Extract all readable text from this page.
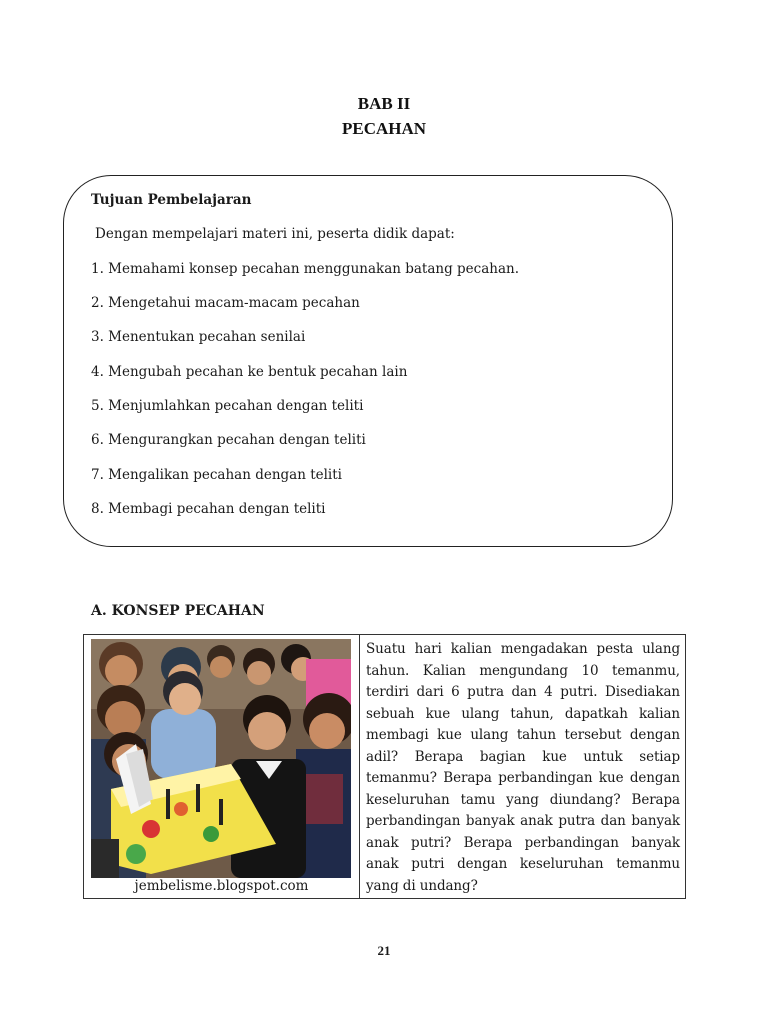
BAB II
PECAHAN
Tujuan Pembelajaran
Dengan mempelajari materi ini, peserta didik dapat:
1. Memahami konsep pecahan menggunakan batang pecahan.
2. Mengetahui macam-macam pecahan
3. Menentukan pecahan senilai
4. Mengubah pecahan ke bentuk pecahan lain
5. Menjumlahkan pecahan dengan teliti
6. Mengurangkan pecahan dengan teliti
7. Mengalikan pecahan dengan teliti
8. Membagi pecahan dengan teliti
A. KONSEP PECAHAN
jembelisme.blogspot.com
Suatu hari kalian mengadakan pesta ulang tahun. Kalian mengundang 10 temanmu, terdiri dari 6 putra dan 4 putri. Disediakan sebuah kue ulang tahun, dapatkah kalian membagi kue ulang tahun tersebut dengan adil? Berapa bagian kue untuk setiap temanmu? Berapa perbandingan kue dengan keseluruhan tamu yang diundang? Berapa perbandingan banyak anak putra dan banyak anak putri? Berapa perbandingan banyak anak putri dengan keseluruhan temanmu yang di undang?
21
